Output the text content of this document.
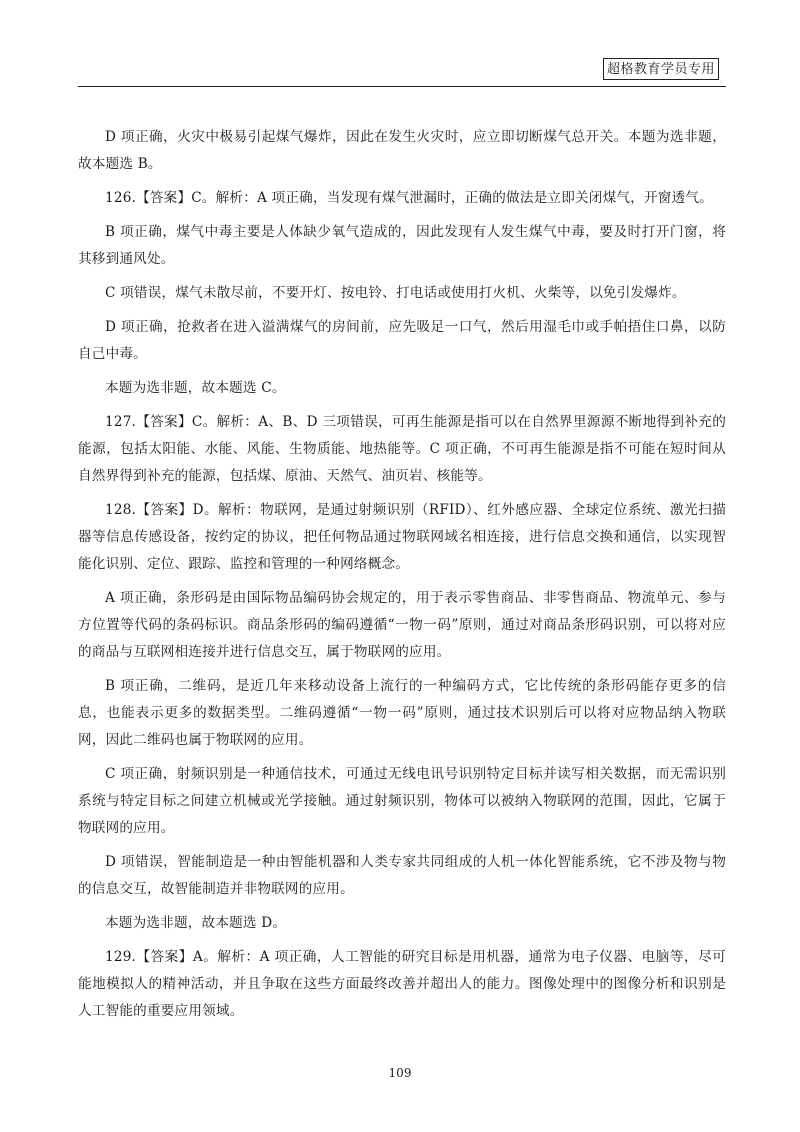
超格教育学员专用

D 项正确，火灾中极易引起煤气爆炸，因此在发生火灾时，应立即切断煤气总开关。本题为选非题，故本题选 B。

126.【答案】C。解析：A 项正确，当发现有煤气泄漏时，正确的做法是立即关闭煤气，开窗透气。

B 项正确，煤气中毒主要是人体缺少氧气造成的，因此发现有人发生煤气中毒，要及时打开门窗，将其移到通风处。

C 项错误，煤气未散尽前，不要开灯、按电铃、打电话或使用打火机、火柴等，以免引发爆炸。

D 项正确，抢救者在进入溢满煤气的房间前，应先吸足一口气，然后用湿毛巾或手帕捂住口鼻，以防自己中毒。

本题为选非题，故本题选 C。

127.【答案】C。解析：A、B、D 三项错误，可再生能源是指可以在自然界里源源不断地得到补充的能源，包括太阳能、水能、风能、生物质能、地热能等。C 项正确，不可再生能源是指不可能在短时间从自然界得到补充的能源，包括煤、原油、天然气、油页岩、核能等。

128.【答案】D。解析：物联网，是通过射频识别（RFID）、红外感应器、全球定位系统、激光扫描器等信息传感设备，按约定的协议，把任何物品通过物联网域名相连接，进行信息交换和通信，以实现智能化识别、定位、跟踪、监控和管理的一种网络概念。

A 项正确，条形码是由国际物品编码协会规定的，用于表示零售商品、非零售商品、物流单元、参与方位置等代码的条码标识。商品条形码的编码遵循“一物一码”原则，通过对商品条形码识别，可以将对应的商品与互联网相连接并进行信息交互，属于物联网的应用。

B 项正确，二维码，是近几年来移动设备上流行的一种编码方式，它比传统的条形码能存更多的信息，也能表示更多的数据类型。二维码遵循“一物一码”原则，通过技术识别后可以将对应物品纳入物联网，因此二维码也属于物联网的应用。

C 项正确，射频识别是一种通信技术，可通过无线电讯号识别特定目标并读写相关数据，而无需识别系统与特定目标之间建立机械或光学接触。通过射频识别，物体可以被纳入物联网的范围，因此，它属于物联网的应用。

D 项错误，智能制造是一种由智能机器和人类专家共同组成的人机一体化智能系统，它不涉及物与物的信息交互，故智能制造并非物联网的应用。

本题为选非题，故本题选 D。

129.【答案】A。解析：A 项正确，人工智能的研究目标是用机器，通常为电子仪器、电脑等，尽可能地模拟人的精神活动，并且争取在这些方面最终改善并超出人的能力。图像处理中的图像分析和识别是人工智能的重要应用领域。

109
